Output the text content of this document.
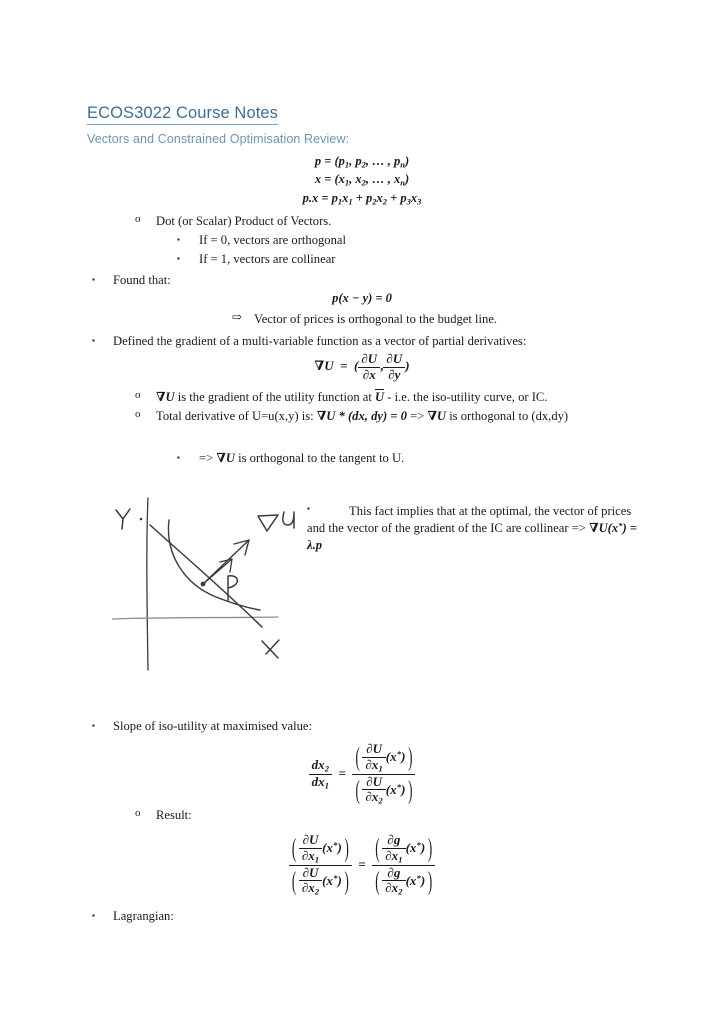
ECOS3022 Course Notes
Vectors and Constrained Optimisation Review:
$p = (p_1$, $p_2$, … , $p_n$)
$x = (x_1$, $x_2$, … , $x_n$)
$p.x = p_1x_1 + p_2x_2 + p_3x_3$
o	Dot (or Scalar) Product of Vectors.
▪	If = 0, vectors are orthogonal
▪	If = 1, vectors are collinear
▪	Found that:
p(x − y) = 0
⇨ Vector of prices is orthogonal to the budget line.
▪	Defined the gradient of a multi-variable function as a vector of partial derivatives:
∇U  =  ( $\frac{\partial U}{\partial x}$ , $\frac{\partial U}{\partial y}$ )
o	∇U is the gradient of the utility function at $\overline{U} - i.e$. the iso-utility curve, or IC.
o	Total derivative of U=u(x,y) is: ∇U * (dx, dy) = 0 => ∇U is orthogonal to (dx,dy)
▪	=> ∇U is orthogonal to the tangent to U.
▪	This fact implies that at the optimal, the vector of prices and the vector of the gradient of the IC are collinear => ∇U(x*) = λ.p
▪	Slope of iso-utility at maximised value:
$\frac{dx_2}{dx_1}$ = ( $\frac{\partial U}{\partial x_1} (x^*)$ )
( $\frac{\partial U}{\partial x_2} (x^*)$ )
o	Result:
( $\frac{\partial U}{\partial x_1} (x^*)$ )
( $\frac{\partial U}{\partial x_2} (x^*)$ ) = ( $\frac{\partial g}{\partial x_1} (x^*)$ )
( $\frac{\partial g}{\partial x_2} (x^*)$ )
▪	Lagrangian:
